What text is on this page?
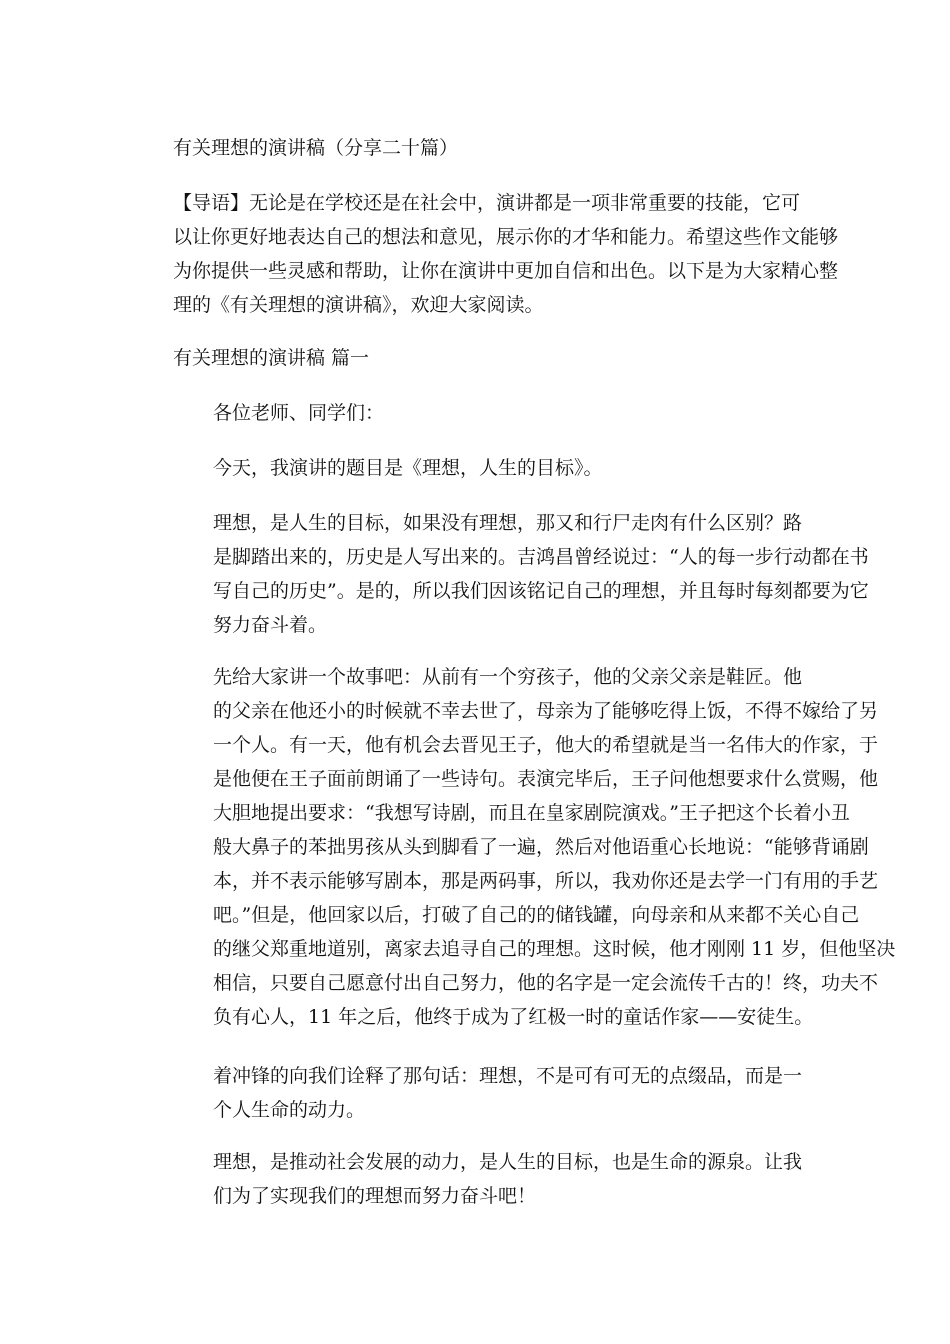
有关理想的演讲稿（分享二十篇）

【导语】无论是在学校还是在社会中，演讲都是一项非常重要的技能，它可
以让你更好地表达自己的想法和意见，展示你的才华和能力。希望这些作文能够
为你提供一些灵感和帮助，让你在演讲中更加自信和出色。以下是为大家精心整
理的《有关理想的演讲稿》，欢迎大家阅读。

有关理想的演讲稿 篇一

各位老师、同学们：

今天，我演讲的题目是《理想，人生的目标》。

理想，是人生的目标，如果没有理想，那又和行尸走肉有什么区别？路
是脚踏出来的，历史是人写出来的。吉鸿昌曾经说过：“人的每一步行动都在书
写自己的历史”。是的，所以我们因该铭记自己的理想，并且每时每刻都要为它
努力奋斗着。
先给大家讲一个故事吧：从前有一个穷孩子，他的父亲父亲是鞋匠。他
的父亲在他还小的时候就不幸去世了，母亲为了能够吃得上饭，不得不嫁给了另
一个人。有一天，他有机会去晋见王子，他大的希望就是当一名伟大的作家，于
是他便在王子面前朗诵了一些诗句。表演完毕后，王子问他想要求什么赏赐，他
大胆地提出要求：“我想写诗剧，而且在皇家剧院演戏。”王子把这个长着小丑
般大鼻子的苯拙男孩从头到脚看了一遍，然后对他语重心长地说：“能够背诵剧
本，并不表示能够写剧本，那是两码事，所以，我劝你还是去学一门有用的手艺
吧。”但是，他回家以后，打破了自己的的储钱罐，向母亲和从来都不关心自己
的继父郑重地道别，离家去追寻自己的理想。这时候，他才刚刚 11 岁，但他坚决
相信，只要自己愿意付出自己努力，他的名字是一定会流传千古的！终，功夫不
负有心人，11 年之后，他终于成为了红极一时的童话作家——安徒生。
着冲锋的向我们诠释了那句话：理想，不是可有可无的点缀品，而是一
个人生命的动力。
理想，是推动社会发展的动力，是人生的目标，也是生命的源泉。让我
们为了实现我们的理想而努力奋斗吧！
